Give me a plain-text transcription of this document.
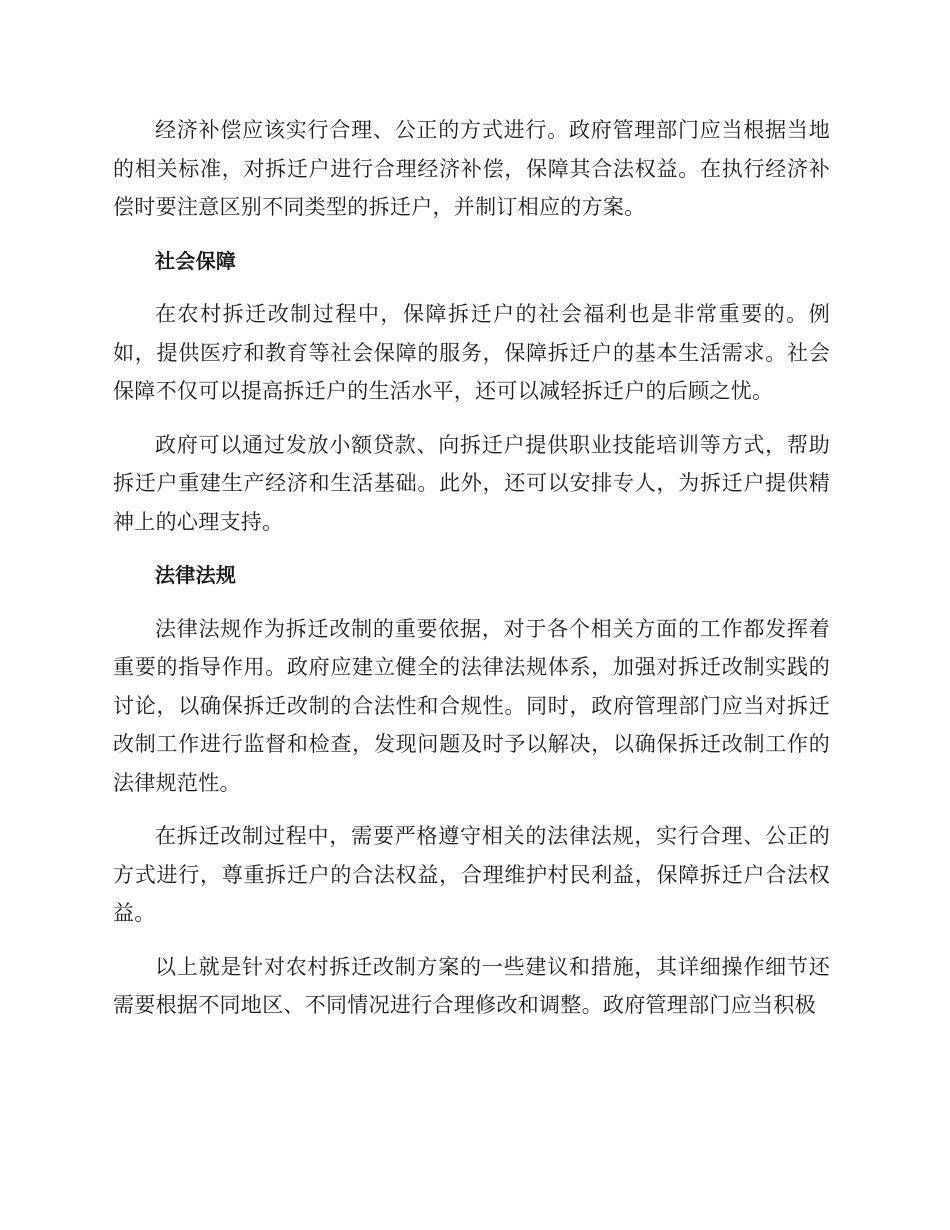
经济补偿应该实行合理、公正的方式进行。政府管理部门应当根据当地的相关标准，对拆迁户进行合理经济补偿，保障其合法权益。在执行经济补偿时要注意区别不同类型的拆迁户，并制订相应的方案。

社会保障

在农村拆迁改制过程中，保障拆迁户的社会福利也是非常重要的。例如，提供医疗和教育等社会保障的服务，保障拆迁户的基本生活需求。社会保障不仅可以提高拆迁户的生活水平，还可以减轻拆迁户的后顾之忧。

政府可以通过发放小额贷款、向拆迁户提供职业技能培训等方式，帮助拆迁户重建生产经济和生活基础。此外，还可以安排专人，为拆迁户提供精神上的心理支持。

法律法规

法律法规作为拆迁改制的重要依据，对于各个相关方面的工作都发挥着重要的指导作用。政府应建立健全的法律法规体系，加强对拆迁改制实践的讨论，以确保拆迁改制的合法性和合规性。同时，政府管理部门应当对拆迁改制工作进行监督和检查，发现问题及时予以解决，以确保拆迁改制工作的法律规范性。

在拆迁改制过程中，需要严格遵守相关的法律法规，实行合理、公正的方式进行，尊重拆迁户的合法权益，合理维护村民利益，保障拆迁户合法权益。

以上就是针对农村拆迁改制方案的一些建议和措施，其详细操作细节还需要根据不同地区、不同情况进行合理修改和调整。政府管理部门应当积极
